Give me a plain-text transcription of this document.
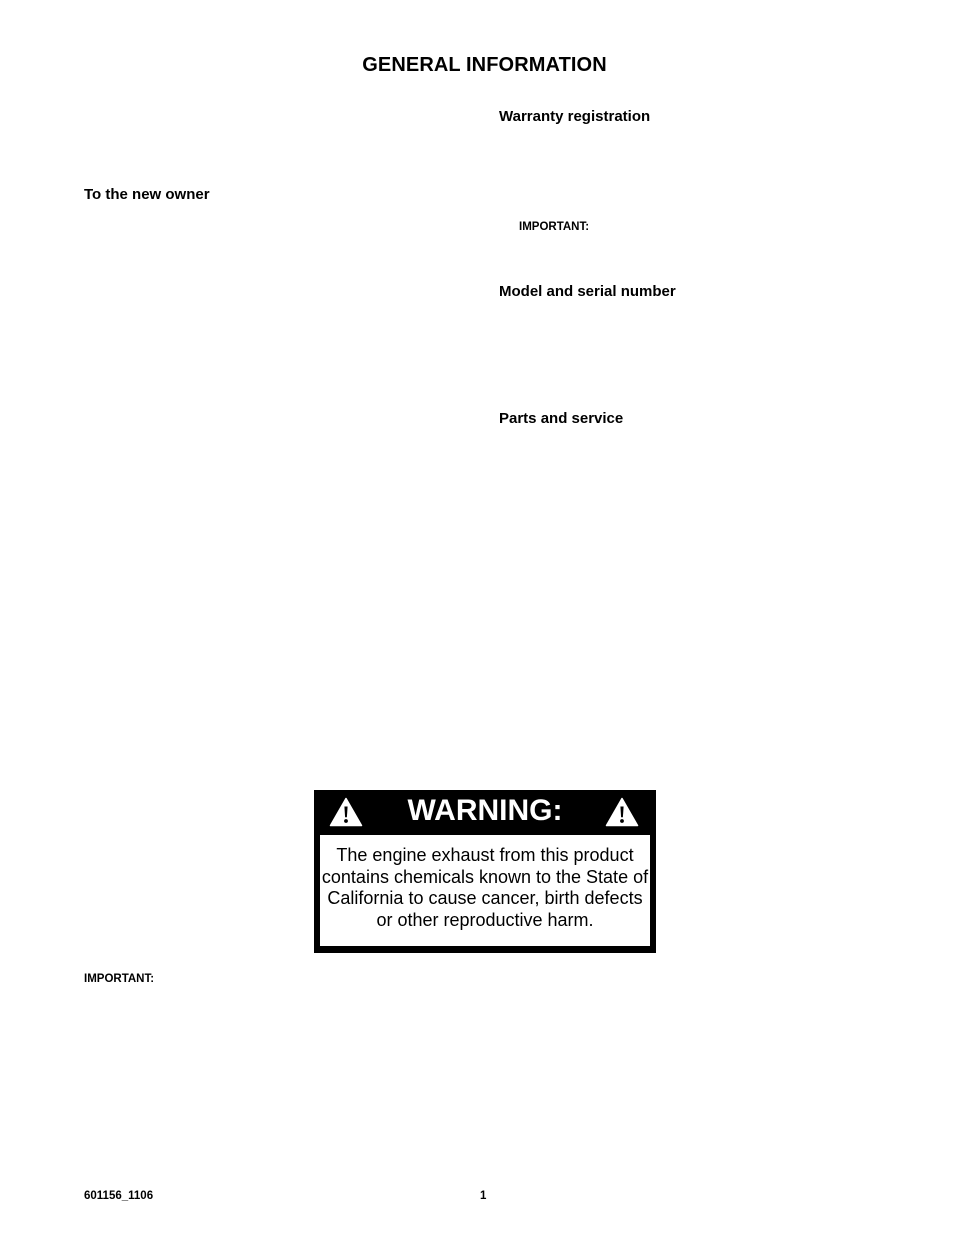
GENERAL INFORMATION
Warranty registration
To the new owner
IMPORTANT:
Model and serial number
Parts and service
WARNING:
The engine exhaust from this product contains chemicals known to the State of California to cause cancer, birth defects or other reproductive harm.
IMPORTANT:
601156_1106	1
